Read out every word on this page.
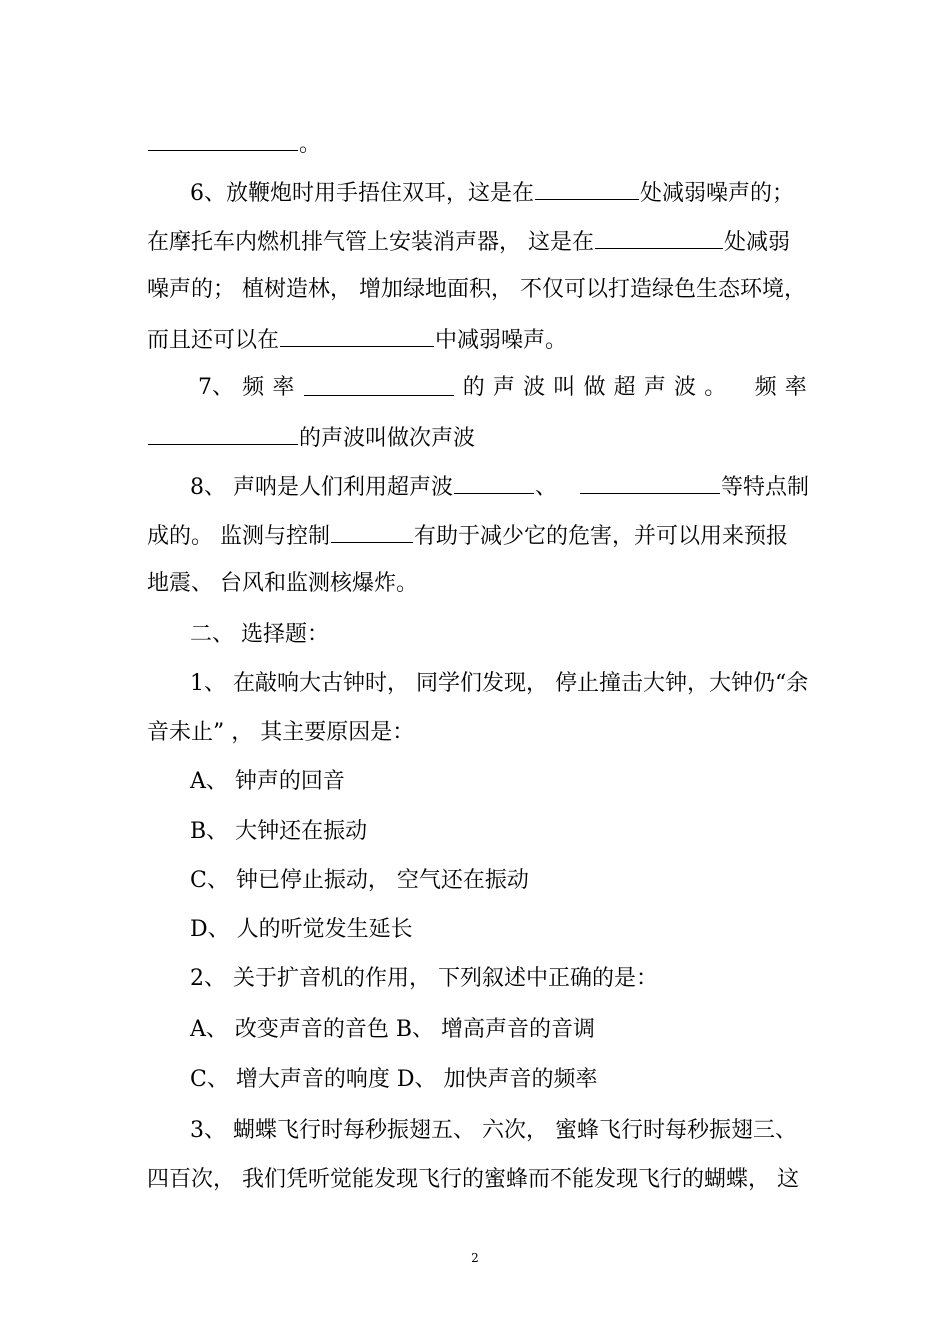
。
6、放鞭炮时用手捂住双耳，这是在	处减弱噪声的；
在摩托车内燃机排气管上安装消声器， 这是在	处减弱
噪声的； 植树造林， 增加绿地面积， 不仅可以打造绿色生态环境，
而且还可以在	中减弱噪声。
7、 频 率	的 声 波 叫 做 超 声 波 。 频 率
的声波叫做次声波
8、 声呐是人们利用超声波	、	等特点制
成的。 监测与控制	有助于减少它的危害，并可以用来预报
地震、 台风和监测核爆炸。
二、 选择题：
1、 在敲响大古钟时， 同学们发现， 停止撞击大钟，大钟仍“余
音未止” ， 其主要原因是：
A、 钟声的回音
B、 大钟还在振动
C、 钟已停止振动， 空气还在振动
D、 人的听觉发生延长
2、 关于扩音机的作用， 下列叙述中正确的是：
A、 改变声音的音色 B、 增高声音的音调
C、 增大声音的响度 D、 加快声音的频率
3、 蝴蝶飞行时每秒振翅五、 六次， 蜜蜂飞行时每秒振翅三、
四百次， 我们凭听觉能发现飞行的蜜蜂而不能发现飞行的蝴蝶， 这
2
